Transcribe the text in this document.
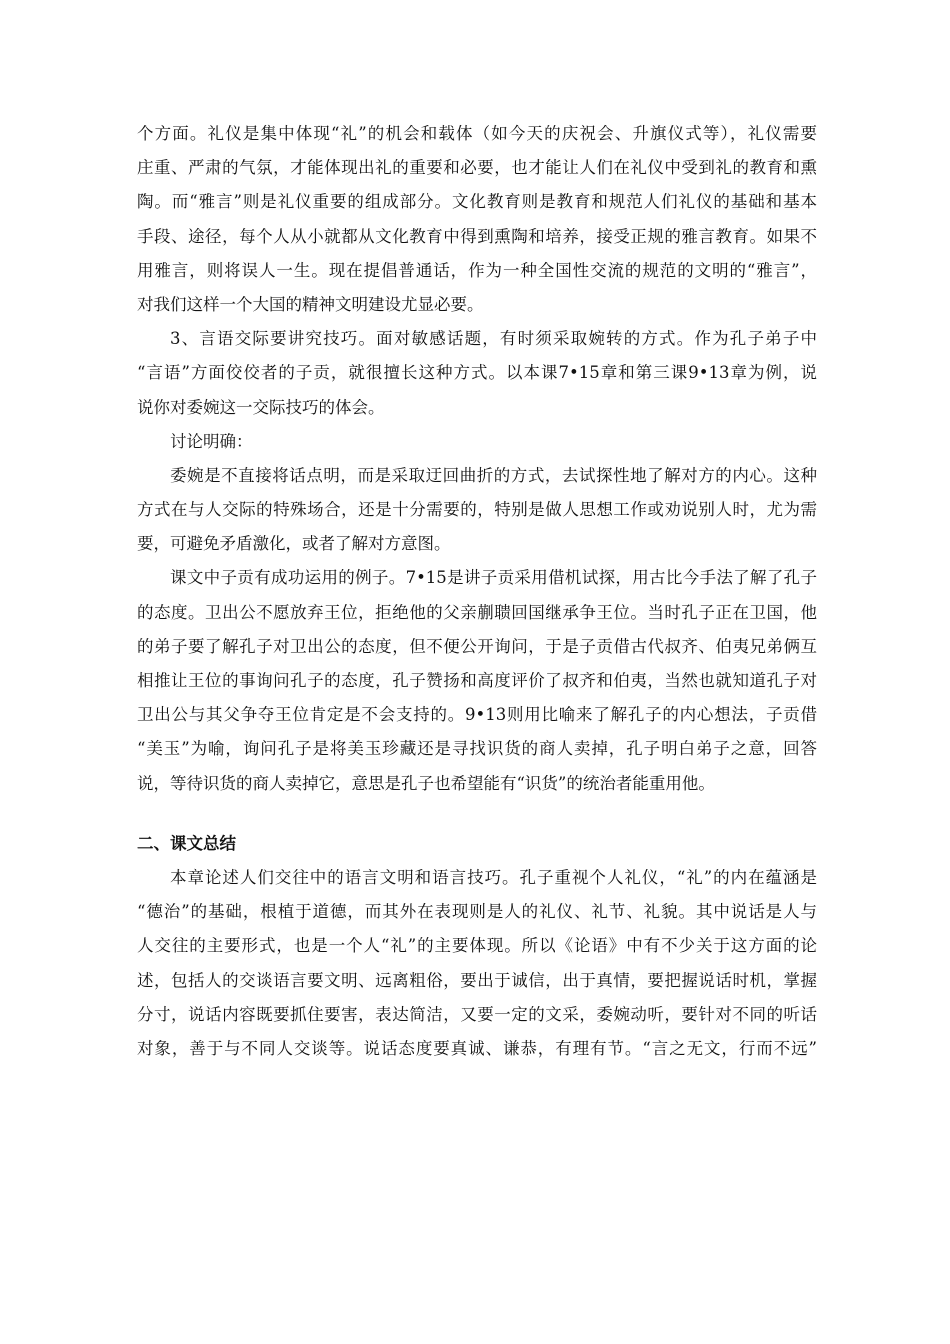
个方面。礼仪是集中体现“礼”的机会和载体（如今天的庆祝会、升旗仪式等），礼仪需要
庄重、严肃的气氛，才能体现出礼的重要和必要，也才能让人们在礼仪中受到礼的教育和熏
陶。而“雅言”则是礼仪重要的组成部分。文化教育则是教育和规范人们礼仪的基础和基本
手段、途径，每个人从小就都从文化教育中得到熏陶和培养，接受正规的雅言教育。如果不
用雅言，则将误人一生。现在提倡普通话，作为一种全国性交流的规范的文明的“雅言”，
对我们这样一个大国的精神文明建设尤显必要。
3、言语交际要讲究技巧。面对敏感话题，有时须采取婉转的方式。作为孔子弟子中
“言语”方面佼佼者的子贡，就很擅长这种方式。以本课7•15章和第三课9•13章为例，说
说你对委婉这一交际技巧的体会。
讨论明确：
委婉是不直接将话点明，而是采取迂回曲折的方式，去试探性地了解对方的内心。这种
方式在与人交际的特殊场合，还是十分需要的，特别是做人思想工作或劝说别人时，尤为需
要，可避免矛盾激化，或者了解对方意图。
课文中子贡有成功运用的例子。7•15是讲子贡采用借机试探，用古比今手法了解了孔子
的态度。卫出公不愿放弃王位，拒绝他的父亲蒯聩回国继承争王位。当时孔子正在卫国，他
的弟子要了解孔子对卫出公的态度，但不便公开询问，于是子贡借古代叔齐、伯夷兄弟俩互
相推让王位的事询问孔子的态度，孔子赞扬和高度评价了叔齐和伯夷，当然也就知道孔子对
卫出公与其父争夺王位肯定是不会支持的。9•13则用比喻来了解孔子的内心想法，子贡借
“美玉”为喻，询问孔子是将美玉珍藏还是寻找识货的商人卖掉，孔子明白弟子之意，回答
说，等待识货的商人卖掉它，意思是孔子也希望能有“识货”的统治者能重用他。
二、课文总结
本章论述人们交往中的语言文明和语言技巧。孔子重视个人礼仪，“礼”的内在蕴涵是
“德治”的基础，根植于道德，而其外在表现则是人的礼仪、礼节、礼貌。其中说话是人与
人交往的主要形式，也是一个人“礼”的主要体现。所以《论语》中有不少关于这方面的论
述，包括人的交谈语言要文明、远离粗俗，要出于诚信，出于真情，要把握说话时机，掌握
分寸，说话内容既要抓住要害，表达简洁，又要一定的文采，委婉动听，要针对不同的听话
对象，善于与不同人交谈等。说话态度要真诚、谦恭，有理有节。“言之无文，行而不远”
